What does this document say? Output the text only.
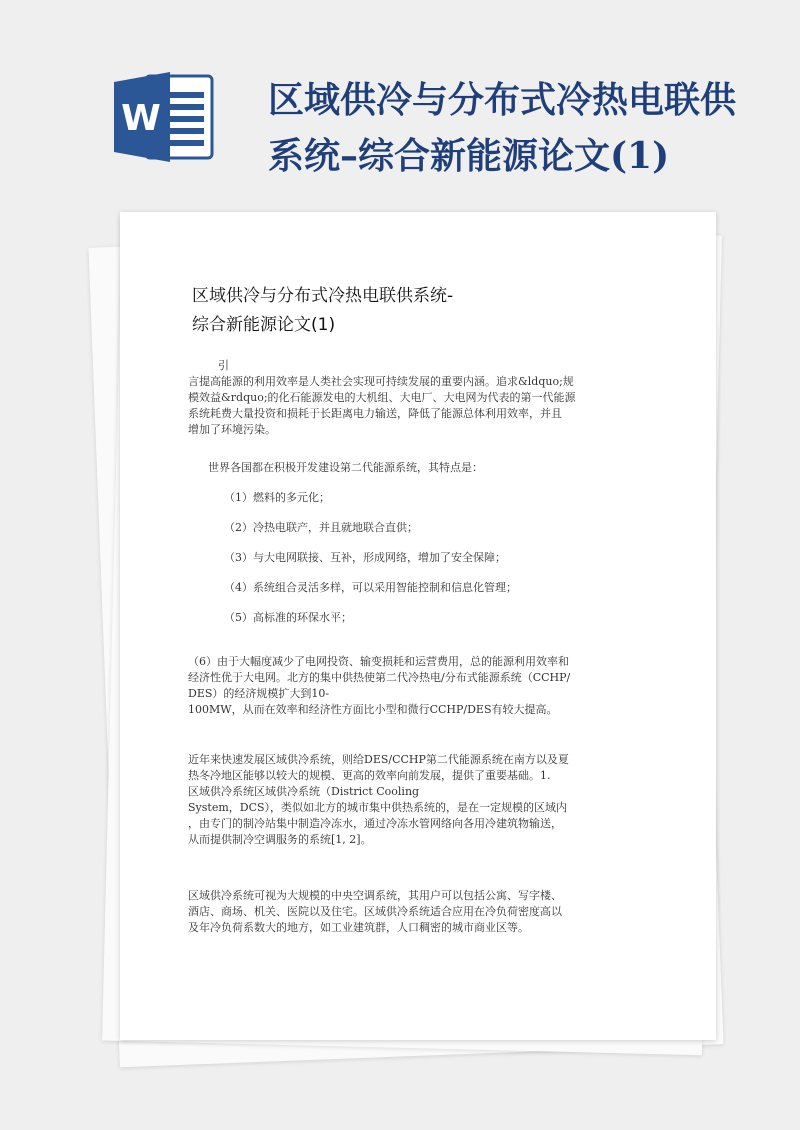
W	区域供冷与分布式冷热电联供
系统–综合新能源论文(1)
区域供冷与分布式冷热电联供系统-
综合新能源论文(1)
引
言提高能源的利用效率是人类社会实现可持续发展的重要内涵。追求&ldquo;规
模效益&rdquo;的化石能源发电的大机组、大电厂、大电网为代表的第一代能源
系统耗费大量投资和损耗于长距离电力输送，降低了能源总体利用效率，并且
增加了环境污染。
世界各国都在积极开发建设第二代能源系统，其特点是：
（1）燃料的多元化；
（2）冷热电联产，并且就地联合直供；
（3）与大电网联接、互补，形成网络，增加了安全保障；
（4）系统组合灵活多样，可以采用智能控制和信息化管理；
（5）高标准的环保水平；
（6）由于大幅度减少了电网投资、输变损耗和运营费用，总的能源利用效率和
经济性优于大电网。北方的集中供热使第二代冷热电/分布式能源系统（CCHP/
DES）的经济规模扩大到10-
100MW，从而在效率和经济性方面比小型和微行CCHP/DES有较大提高。
近年来快速发展区域供冷系统，则给DES/CCHP第二代能源系统在南方以及夏
热冬冷地区能够以较大的规模、更高的效率向前发展，提供了重要基础。1.
区域供冷系统区域供冷系统（District Cooling
System，DCS），类似如北方的城市集中供热系统的，是在一定规模的区域内
，由专门的制冷站集中制造冷冻水，通过冷冻水管网络向各用冷建筑物输送，
从而提供制冷空调服务的系统[1, 2]。
区域供冷系统可视为大规模的中央空调系统，其用户可以包括公寓、写字楼、
酒店、商场、机关、医院以及住宅。区域供冷系统适合应用在冷负荷密度高以
及年冷负荷系数大的地方，如工业建筑群，人口稠密的城市商业区等。
